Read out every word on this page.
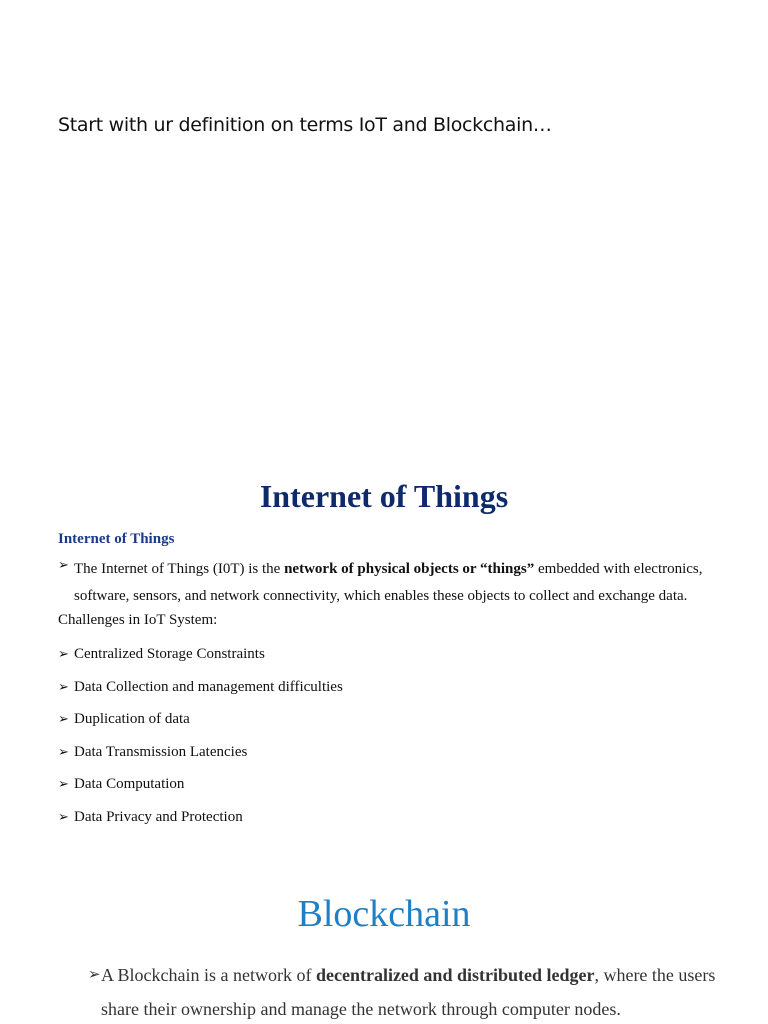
Start with ur definition on terms IoT and Blockchain…
Internet of Things
Internet of Things
➢ The Internet of Things (I0T) is the network of physical objects or “things” embedded with electronics, software, sensors, and network connectivity, which enables these objects to collect and exchange data.
Challenges in IoT System:
➢ Centralized Storage Constraints
➢ Data Collection and management difficulties
➢ Duplication of data
➢ Data Transmission Latencies
➢ Data Computation
➢ Data Privacy and Protection
Blockchain
➢ A Blockchain is a network of decentralized and distributed ledger, where the users share their ownership and manage the network through computer nodes.
